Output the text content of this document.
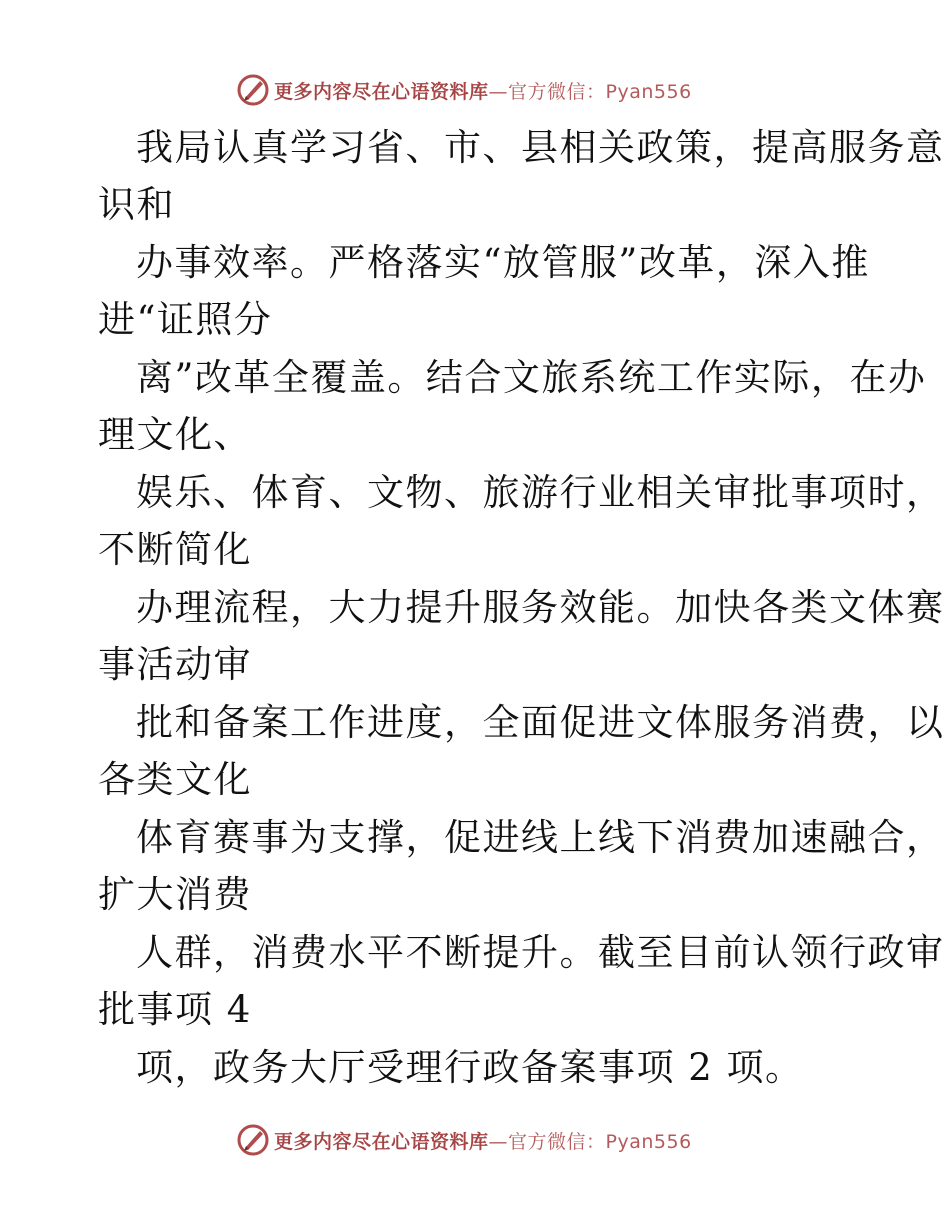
更多内容尽在心语资料库—官方微信：Pyan556
我局认真学习省、市、县相关政策，提高服务意
识和
办事效率。严格落实“放管服”改革，深入推
进“证照分
离”改革全覆盖。结合文旅系统工作实际，在办
理文化、
娱乐、体育、文物、旅游行业相关审批事项时，
不断简化
办理流程，大力提升服务效能。加快各类文体赛
事活动审
批和备案工作进度，全面促进文体服务消费，以
各类文化
体育赛事为支撑，促进线上线下消费加速融合，
扩大消费
人群，消费水平不断提升。截至目前认领行政审
批事项 4
项，政务大厅受理行政备案事项 2 项。
更多内容尽在心语资料库—官方微信：Pyan556
